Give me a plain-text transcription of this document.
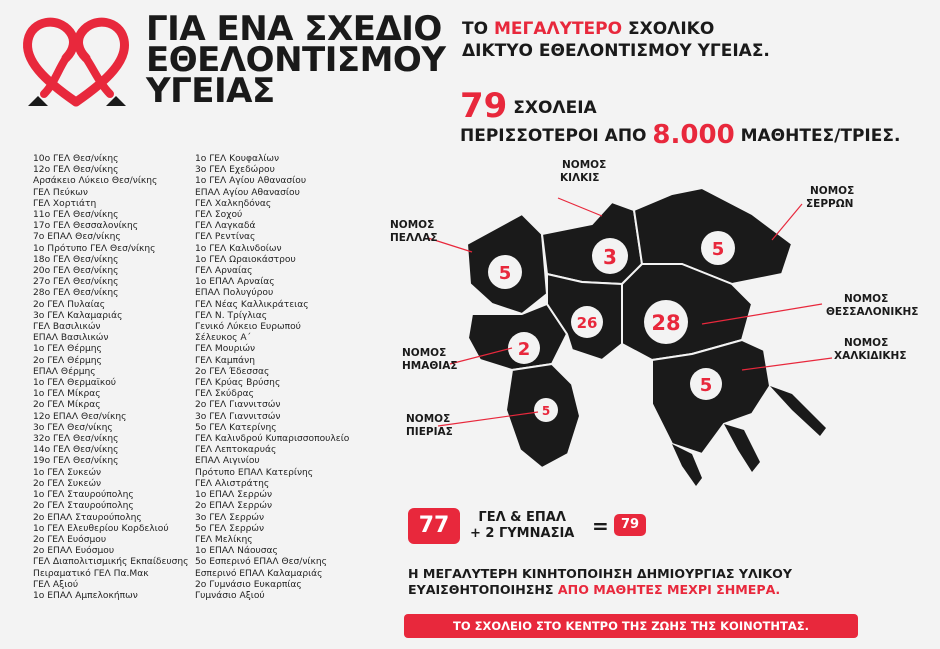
ΓΙΑ ΕΝΑ ΣΧΕΔΙΟ
ΕΘΕΛΟΝΤΙΣΜΟΥ
ΥΓΕΙΑΣ
ΤΟ ΜΕΓΑΛΥΤΕΡΟ ΣΧΟΛΙΚΟ
ΔΙΚΤΥΟ ΕΘΕΛΟΝΤΙΣΜΟΥ ΥΓΕΙΑΣ.
79 ΣΧΟΛΕΙΑ
ΠΕΡΙΣΣΟΤΕΡΟΙ ΑΠΟ 8.000 ΜΑΘΗΤΕΣ/ΤΡΙΕΣ.
10ο ΓΕΛ Θεσ/νίκης
12ο ΓΕΛ Θεσ/νίκης
Αρσάκειο Λύκειο Θεσ/νίκης
ΓΕΛ Πεύκων
ΓΕΛ Χορτιάτη
11ο ΓΕΛ Θεσ/νίκης
17ο ΓΕΛ Θεσσαλονίκης
7ο ΕΠΑΛ Θεσ/νίκης
1ο Πρότυπο ΓΕΛ Θεσ/νίκης
18ο ΓΕΛ Θεσ/νίκης
20ο ΓΕΛ Θεσ/νίκης
27ο ΓΕΛ Θεσ/νίκης
28ο ΓΕΛ Θεσ/νίκης
2ο ΓΕΛ Πυλαίας
3ο ΓΕΛ Καλαμαριάς
ΓΕΛ Βασιλικών
ΕΠΑΛ Βασιλικών
1ο ΓΕΛ Θέρμης
2ο ΓΕΛ Θέρμης
ΕΠΑΛ Θέρμης
1ο ΓΕΛ Θερμαϊκού
1ο ΓΕΛ Μίκρας
2ο ΓΕΛ Μίκρας
12ο ΕΠΑΛ Θεσ/νίκης
3ο ΓΕΛ Θεσ/νίκης
32ο ΓΕΛ Θεσ/νίκης
14ο ΓΕΛ Θεσ/νίκης
19ο ΓΕΛ Θεσ/νίκης
1ο ΓΕΛ Συκεών
2ο ΓΕΛ Συκεών
1ο ΓΕΛ Σταυρούπολης
2ο ΓΕΛ Σταυρούπολης
2ο ΕΠΑΛ Σταυρούπολης
1ο ΓΕΛ Ελευθερίου Κορδελιού
2ο ΓΕΛ Ευόσμου
2ο ΕΠΑΛ Ευόσμου
ΓΕΛ Διαπολιτισμικής Εκπαίδευσης
Πειραματικό ΓΕΛ Πα.Μακ
ΓΕΛ Αξιού
1ο ΕΠΑΛ Αμπελοκήπων
1ο ΓΕΛ Κουφαλίων
3ο ΓΕΛ Εχεδώρου
1ο ΓΕΛ Αγίου Αθανασίου
ΕΠΑΛ Αγίου Αθανασίου
ΓΕΛ Χαλκηδόνας
ΓΕΛ Σοχού
ΓΕΛ Λαγκαδά
ΓΕΛ Ρεντίνας
1ο ΓΕΛ Καλινδοίων
1ο ΓΕΛ Ωραιοκάστρου
ΓΕΛ Αρναίας
1ο ΕΠΑΛ Αρναίας
ΕΠΑΛ Πολυγύρου
ΓΕΛ Νέας Καλλικράτειας
ΓΕΛ Ν. Τρίγλιας
Γενικό Λύκειο Ευρωπού
Σέλευκος Α΄
ΓΕΛ Μουριών
ΓΕΛ Καμπάνη
2ο ΓΕΛ Έδεσσας
ΓΕΛ Κρύας Βρύσης
ΓΕΛ Σκύδρας
2ο ΓΕΛ Γιαννιτσών
3ο ΓΕΛ Γιαννιτσών
5ο ΓΕΛ Κατερίνης
ΓΕΛ Καλινδρού Κυπαρισσοπουλείο
ΓΕΛ Λεπτοκαρυάς
ΕΠΑΛ Αιγινίου
Πρότυπο ΕΠΑΛ Κατερίνης
ΓΕΛ Αλιστράτης
1ο ΕΠΑΛ Σερρών
2ο ΕΠΑΛ Σερρών
3ο ΓΕΛ Σερρών
5ο ΓΕΛ Σερρών
ΓΕΛ Μελίκης
1ο ΕΠΑΛ Νάουσας
5ο Εσπερινό ΕΠΑΛ Θεσ/νίκης
Εσπερινό ΕΠΑΛ Καλαμαριάς
2ο Γυμνάσιο Ευκαρπίας
Γυμνάσιο Αξιού
5
3	5
26	28
2
5
5
ΝΟΜΟΣ
ΠΕΛΛΑΣ
ΝΟΜΟΣ
ΚΙΛΚΙΣ
ΝΟΜΟΣ
ΣΕΡΡΩΝ
ΝΟΜΟΣ
ΘΕΣΣΑΛΟΝΙΚΗΣ
ΝΟΜΟΣ
ΗΜΑΘΙΑΣ
ΝΟΜΟΣ
ΧΑΛΚΙΔΙΚΗΣ
ΝΟΜΟΣ
ΠΙΕΡΙΑΣ
77	ΓΕΛ & ΕΠΑΛ
+ 2 ΓΥΜΝΑΣΙΑ = 79
Η ΜΕΓΑΛΥΤΕΡΗ ΚΙΝΗΤΟΠΟΙΗΣΗ ΔΗΜΙΟΥΡΓΙΑΣ ΥΛΙΚΟΥ
ΕΥΑΙΣΘΗΤΟΠΟΙΗΣΗΣ ΑΠΟ ΜΑΘΗΤΕΣ ΜΕΧΡΙ ΣΗΜΕΡΑ.
ΤΟ ΣΧΟΛΕΙΟ ΣΤΟ ΚΕΝΤΡΟ ΤΗΣ ΖΩΗΣ ΤΗΣ ΚΟΙΝΟΤΗΤΑΣ.
